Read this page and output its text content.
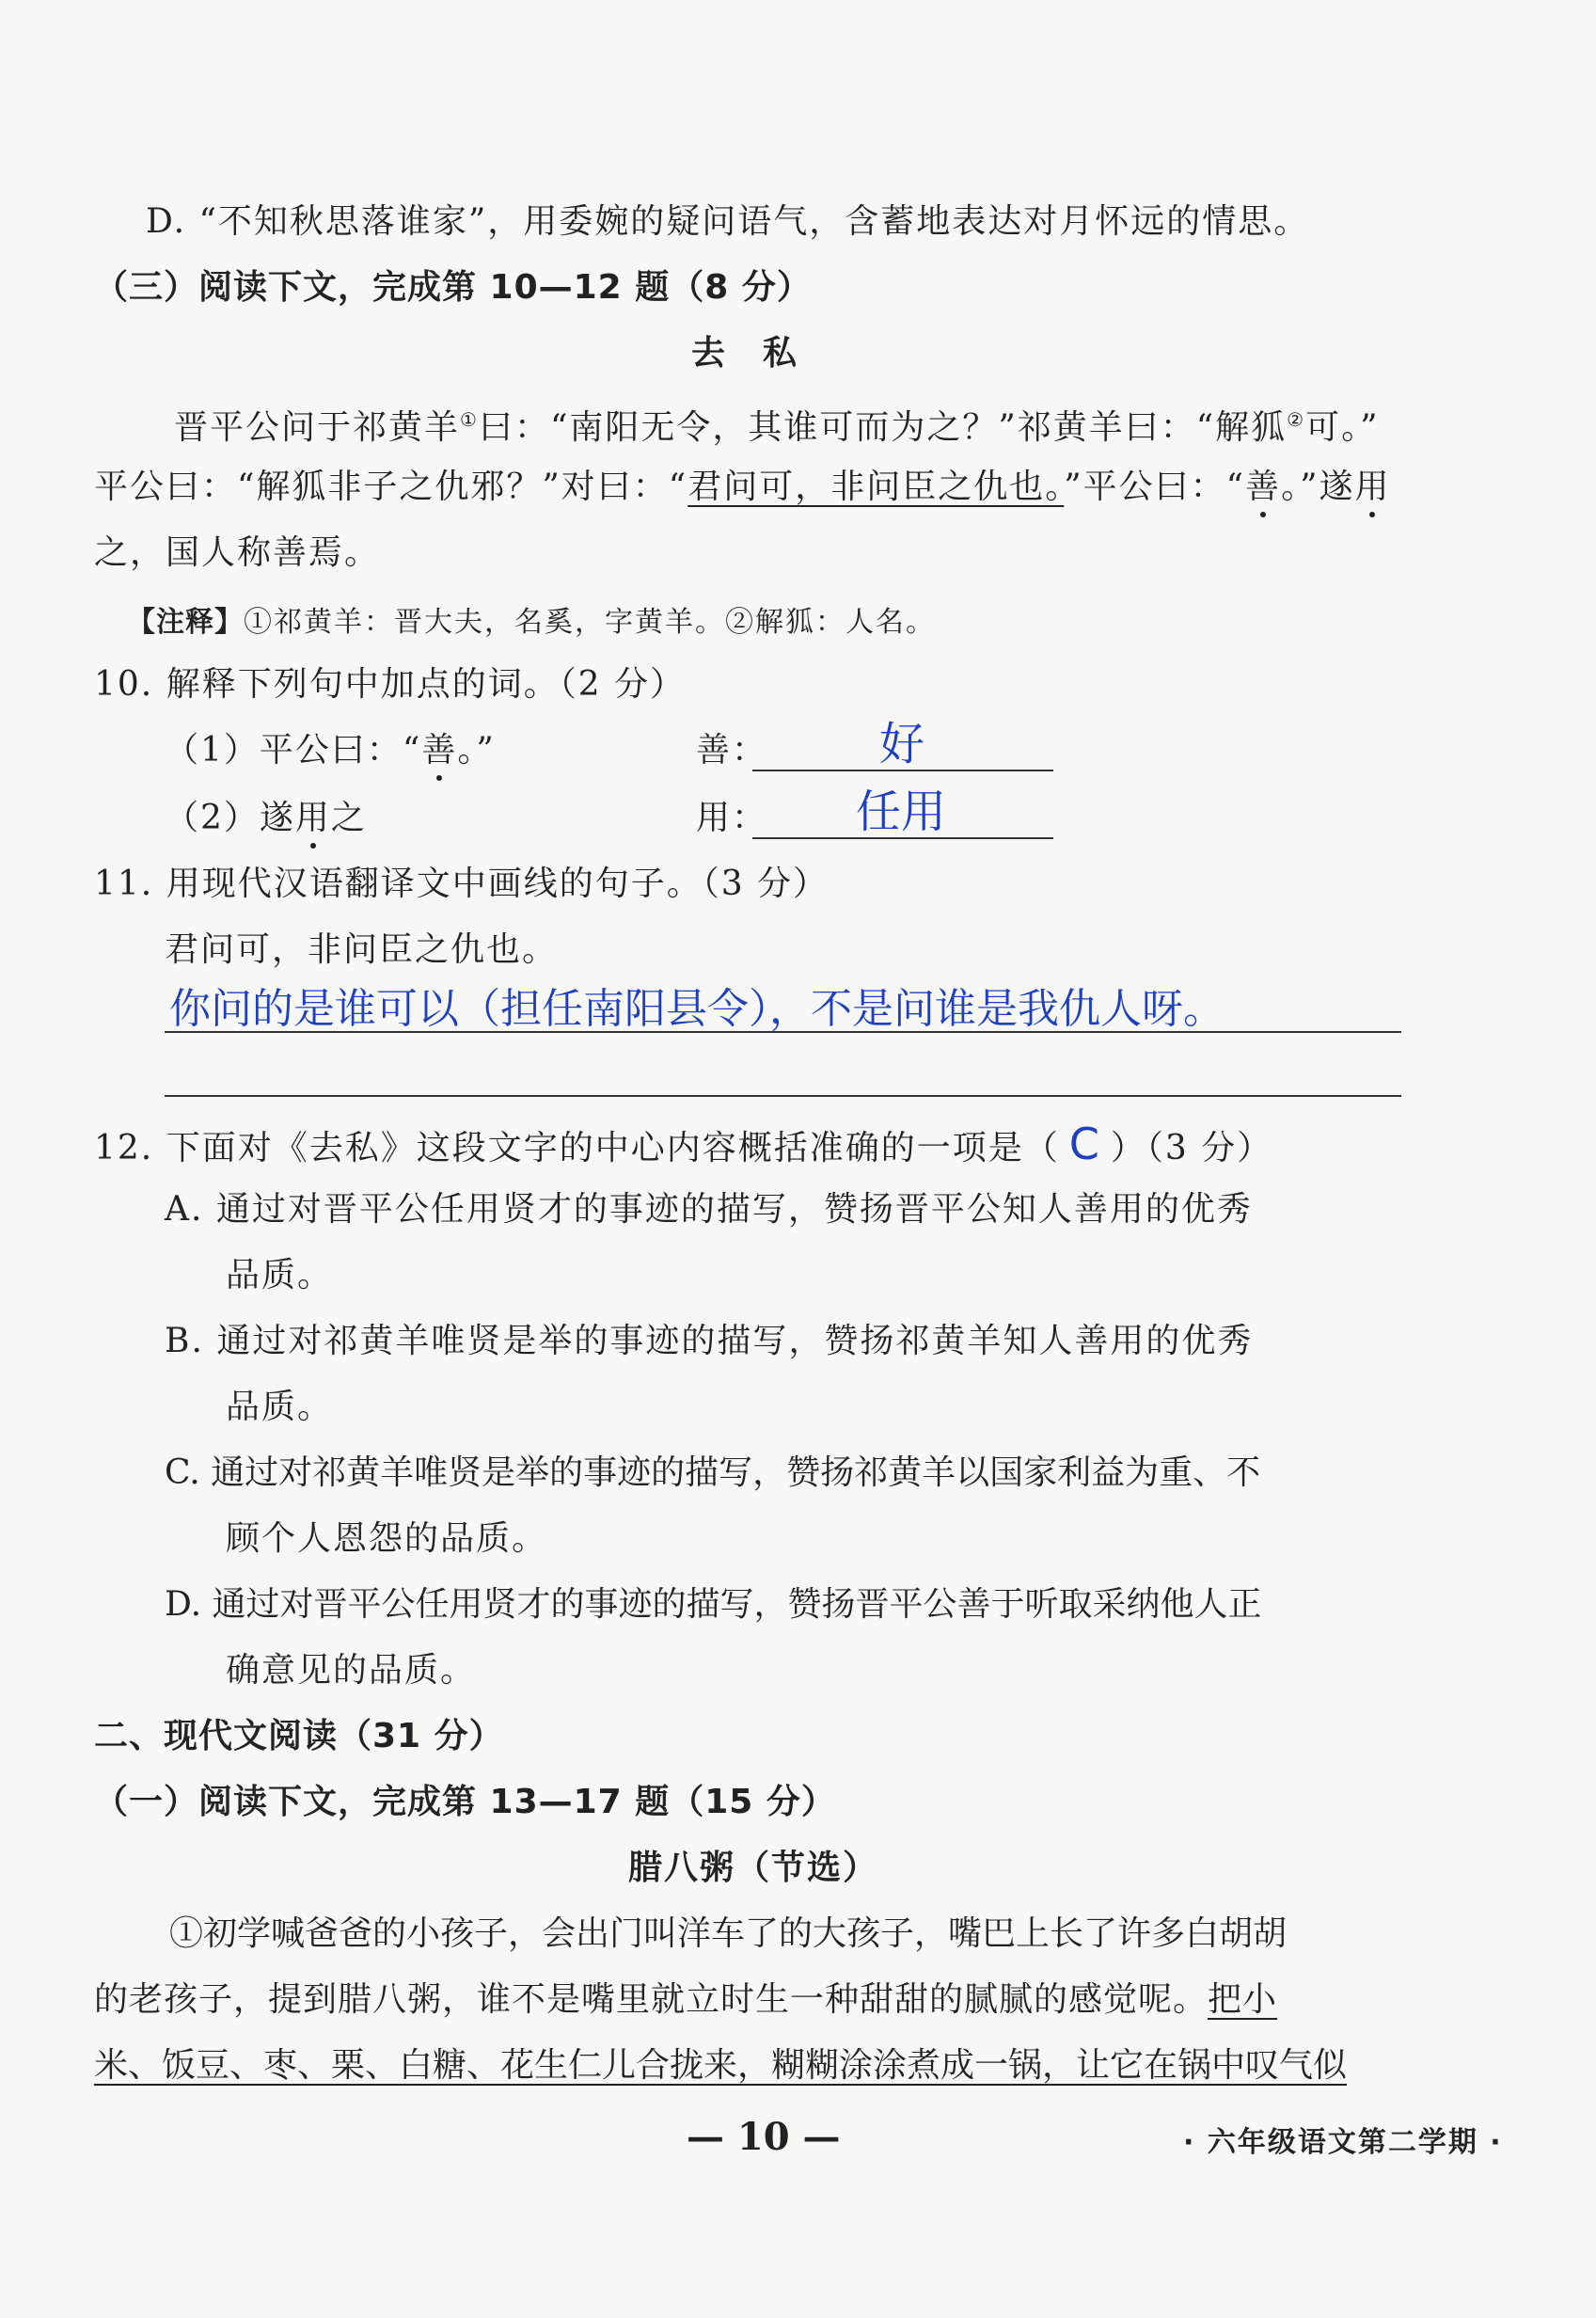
D. “不知秋思落谁家”，用委婉的疑问语气，含蓄地表达对月怀远的情思。
（三）阅读下文，完成第 10—12 题（8 分）
去　私
晋平公问于祁黄羊①曰：“南阳无令，其谁可而为之？”祁黄羊曰：“解狐②可。”
平公曰：“解狐非子之仇邪？”对曰：“君问可，非问臣之仇也。”平公曰：“善。”遂用
之，国人称善焉。
【注释】①祁黄羊：晋大夫，名奚，字黄羊。②解狐：人名。
10. 解释下列句中加点的词。（2 分）
（1）平公曰：“善。”	善： 好
（2）遂用之	用： 任用
11. 用现代汉语翻译文中画线的句子。（3 分）
君问可，非问臣之仇也。
你问的是谁可以（担任南阳县令），不是问谁是我仇人呀。
12. 下面对《去私》这段文字的中心内容概括准确的一项是（ C ）（3 分）
A. 通过对晋平公任用贤才的事迹的描写，赞扬晋平公知人善用的优秀
品质。
B. 通过对祁黄羊唯贤是举的事迹的描写，赞扬祁黄羊知人善用的优秀
品质。
C. 通过对祁黄羊唯贤是举的事迹的描写，赞扬祁黄羊以国家利益为重、不
顾个人恩怨的品质。
D. 通过对晋平公任用贤才的事迹的描写，赞扬晋平公善于听取采纳他人正
确意见的品质。
二、现代文阅读（31 分）
（一）阅读下文，完成第 13—17 题（15 分）
腊八粥（节选）
①初学喊爸爸的小孩子，会出门叫洋车了的大孩子，嘴巴上长了许多白胡胡
的老孩子，提到腊八粥，谁不是嘴里就立时生一种甜甜的腻腻的感觉呢。把小
米、饭豆、枣、栗、白糖、花生仁儿合拢来，糊糊涂涂煮成一锅，让它在锅中叹气似
— 10 —	· 六年级语文第二学期 ·
